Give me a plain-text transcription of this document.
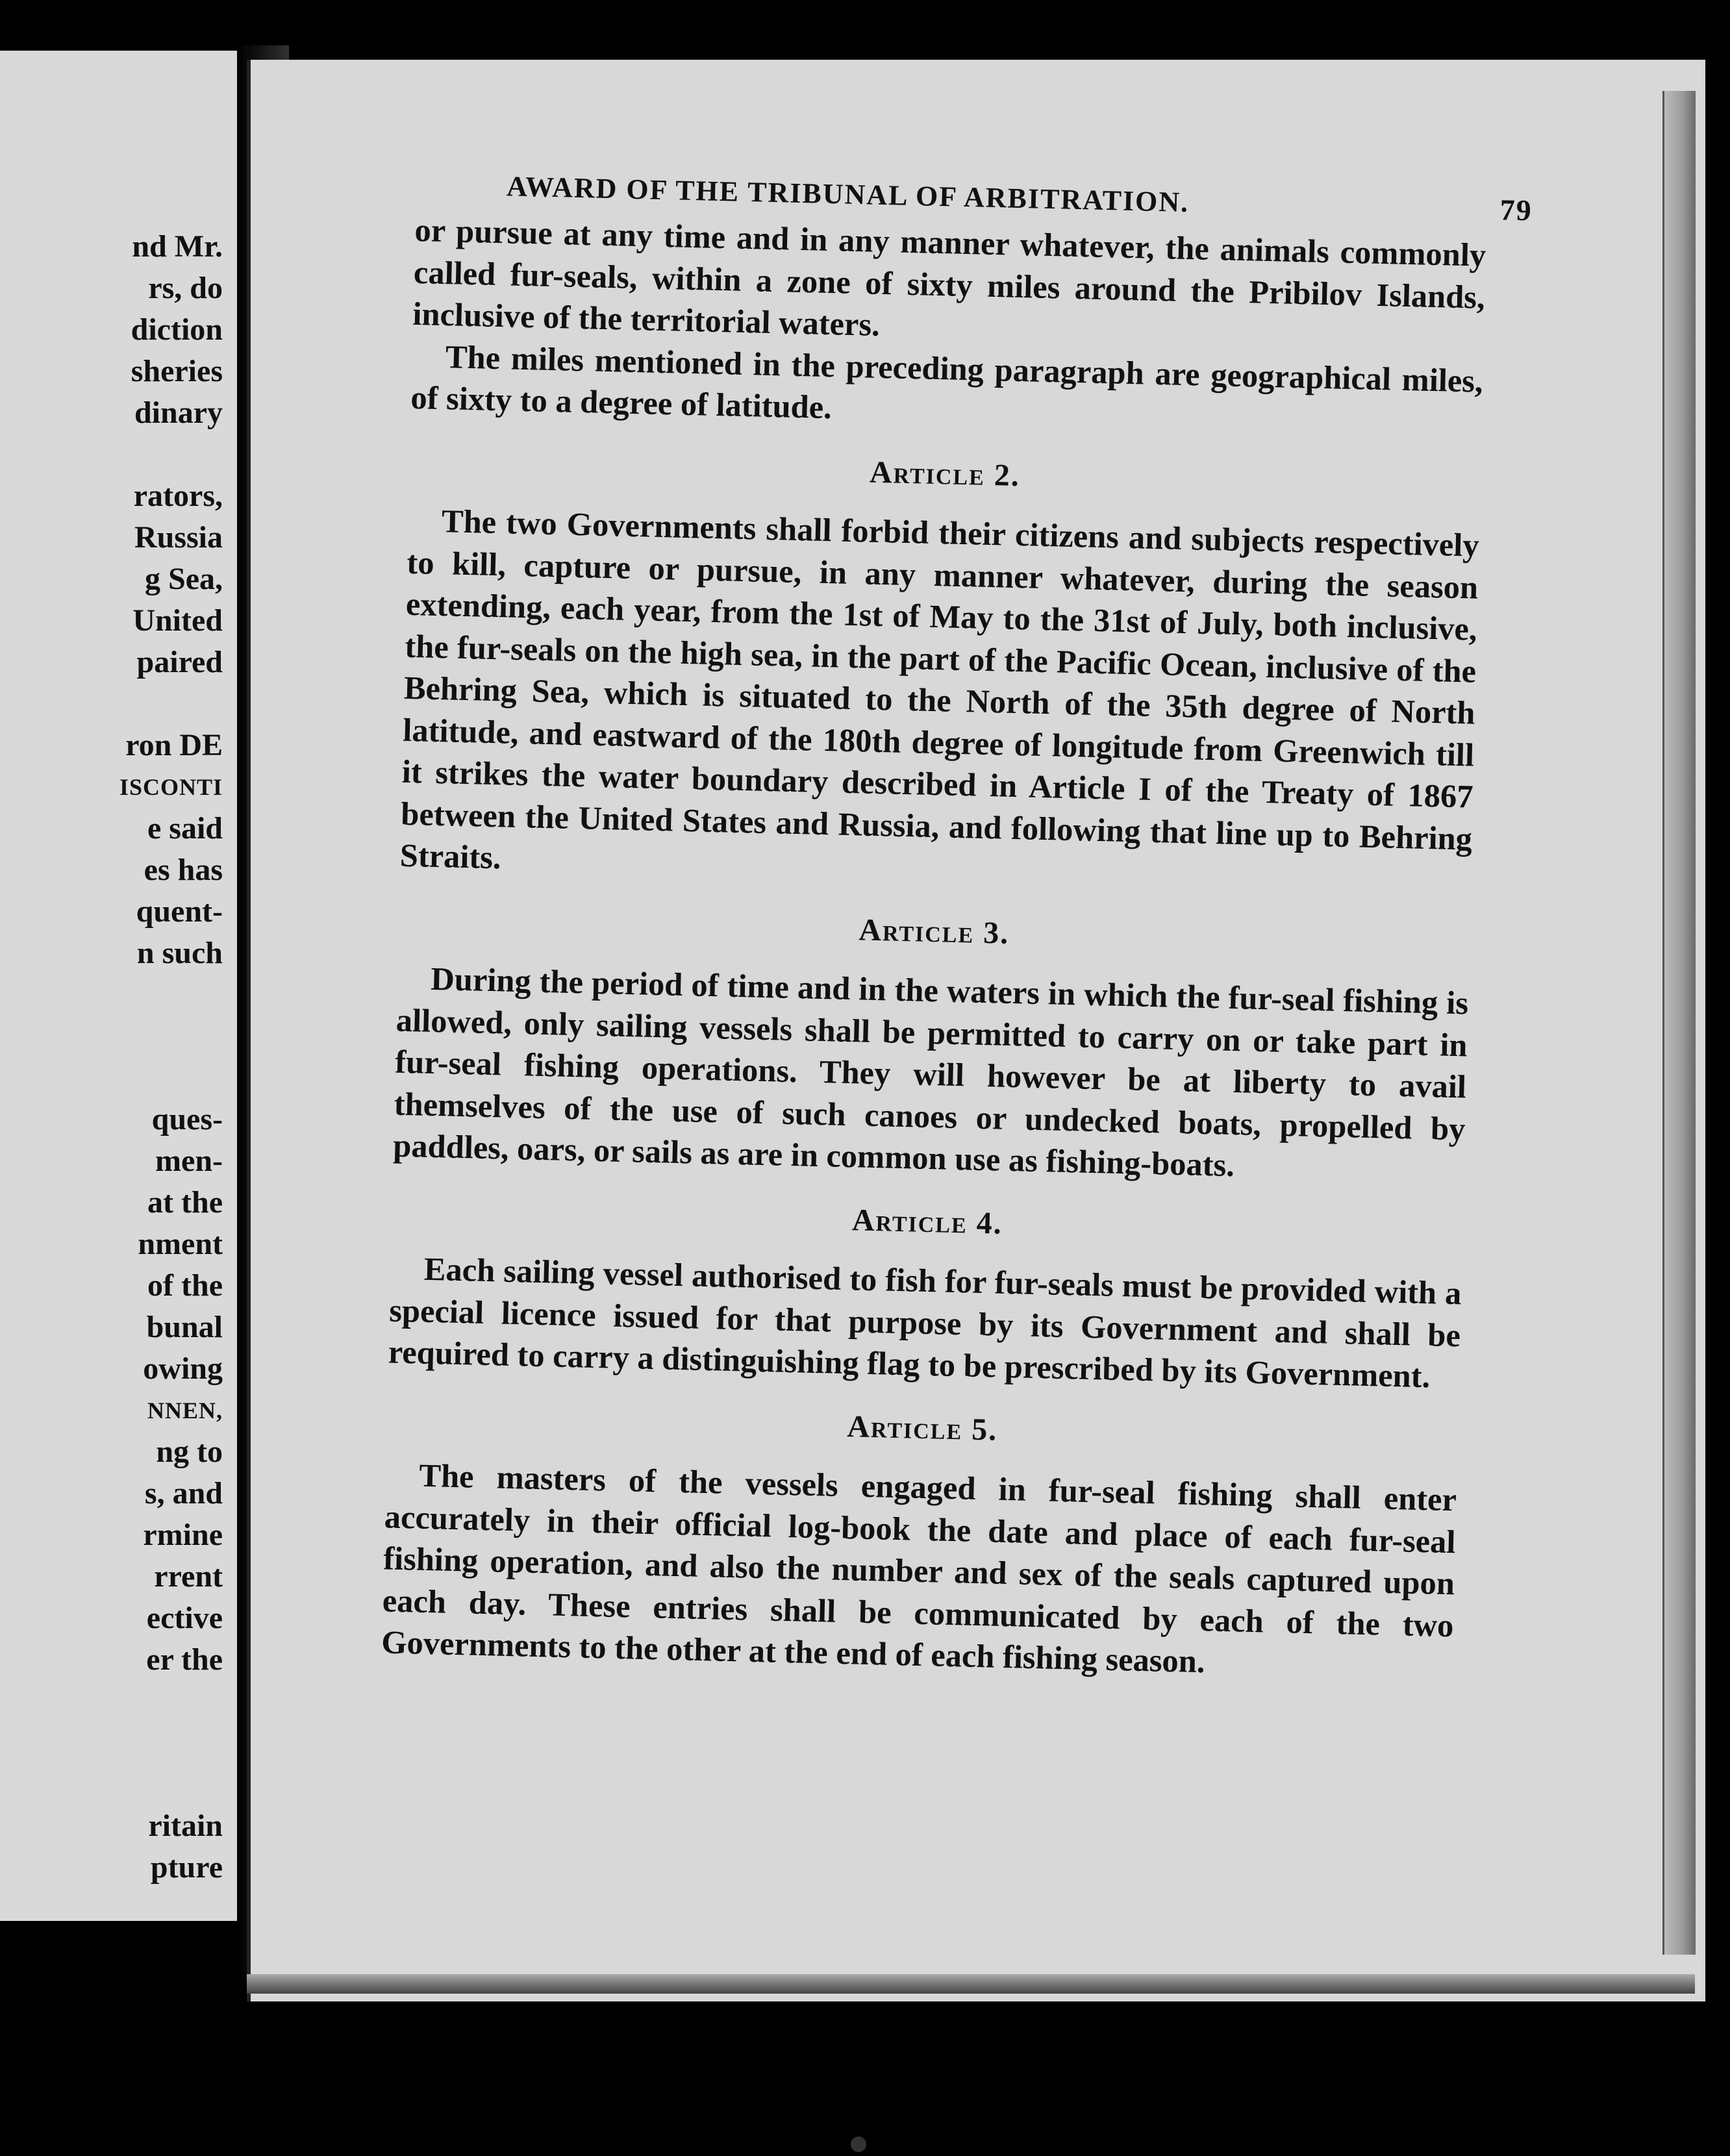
nd Mr.
rs, do
diction
sheries
dinary
rators,
Russia
g Sea,
United
paired
ron DE
ISCONTI
e said
es has
quent-
n such
ques-
men-
at the
nment
of the
bunal
owing
NNEN,
ng to
s, and
rmine
rrent
ective
er the
ritain
pture
AWARD OF THE TRIBUNAL OF ARBITRATION.	79

or pursue at any time and in any manner whatever, the animals commonly called fur-seals, within a zone of sixty miles around the Pribilov Islands, inclusive of the territorial waters.

The miles mentioned in the preceding paragraph are geographical miles, of sixty to a degree of latitude.

Article 2.

The two Governments shall forbid their citizens and subjects respectively to kill, capture or pursue, in any manner whatever, during the season extending, each year, from the 1st of May to the 31st of July, both inclusive, the fur-seals on the high sea, in the part of the Pacific Ocean, inclusive of the Behring Sea, which is situated to the North of the 35th degree of North latitude, and eastward of the 180th degree of longitude from Greenwich till it strikes the water boundary described in Article I of the Treaty of 1867 between the United States and Russia, and following that line up to Behring Straits.

Article 3.

During the period of time and in the waters in which the fur-seal fishing is allowed, only sailing vessels shall be permitted to carry on or take part in fur-seal fishing operations. They will however be at liberty to avail themselves of the use of such canoes or undecked boats, propelled by paddles, oars, or sails as are in common use as fishing-boats.

Article 4.

Each sailing vessel authorised to fish for fur-seals must be provided with a special licence issued for that purpose by its Government and shall be required to carry a distinguishing flag to be prescribed by its Government.

Article 5.

The masters of the vessels engaged in fur-seal fishing shall enter accurately in their official log-book the date and place of each fur-seal fishing operation, and also the number and sex of the seals captured upon each day. These entries shall be communicated by each of the two Governments to the other at the end of each fishing season.
